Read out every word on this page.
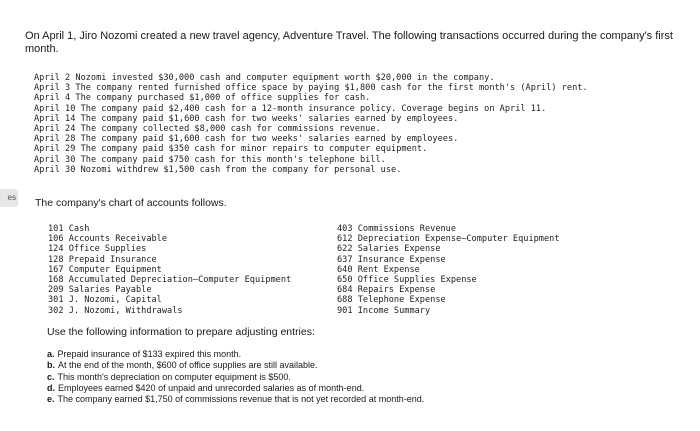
es
On April 1, Jiro Nozomi created a new travel agency, Adventure Travel. The following transactions occurred during the company's first month.
April 2 Nozomi invested $30,000 cash and computer equipment worth $20,000 in the company.
April 3 The company rented furnished office space by paying $1,800 cash for the first month's (April) rent.
April 4 The company purchased $1,000 of office supplies for cash.
April 10 The company paid $2,400 cash for a 12-month insurance policy. Coverage begins on April 11.
April 14 The company paid $1,600 cash for two weeks' salaries earned by employees.
April 24 The company collected $8,000 cash for commissions revenue.
April 28 The company paid $1,600 cash for two weeks' salaries earned by employees.
April 29 The company paid $350 cash for minor repairs to computer equipment.
April 30 The company paid $750 cash for this month's telephone bill.
April 30 Nozomi withdrew $1,500 cash from the company for personal use.
The company's chart of accounts follows.
101 Cash
106 Accounts Receivable
124 Office Supplies
128 Prepaid Insurance
167 Computer Equipment
168 Accumulated Depreciation—Computer Equipment
209 Salaries Payable
301 J. Nozomi, Capital
302 J. Nozomi, Withdrawals
403 Commissions Revenue
612 Depreciation Expense—Computer Equipment
622 Salaries Expense
637 Insurance Expense
640 Rent Expense
650 Office Supplies Expense
684 Repairs Expense
688 Telephone Expense
901 Income Summary
Use the following information to prepare adjusting entries:
a. Prepaid insurance of $133 expired this month.
b. At the end of the month, $600 of office supplies are still available.
c. This month's depreciation on computer equipment is $500.
d. Employees earned $420 of unpaid and unrecorded salaries as of month-end.
e. The company earned $1,750 of commissions revenue that is not yet recorded at month-end.
